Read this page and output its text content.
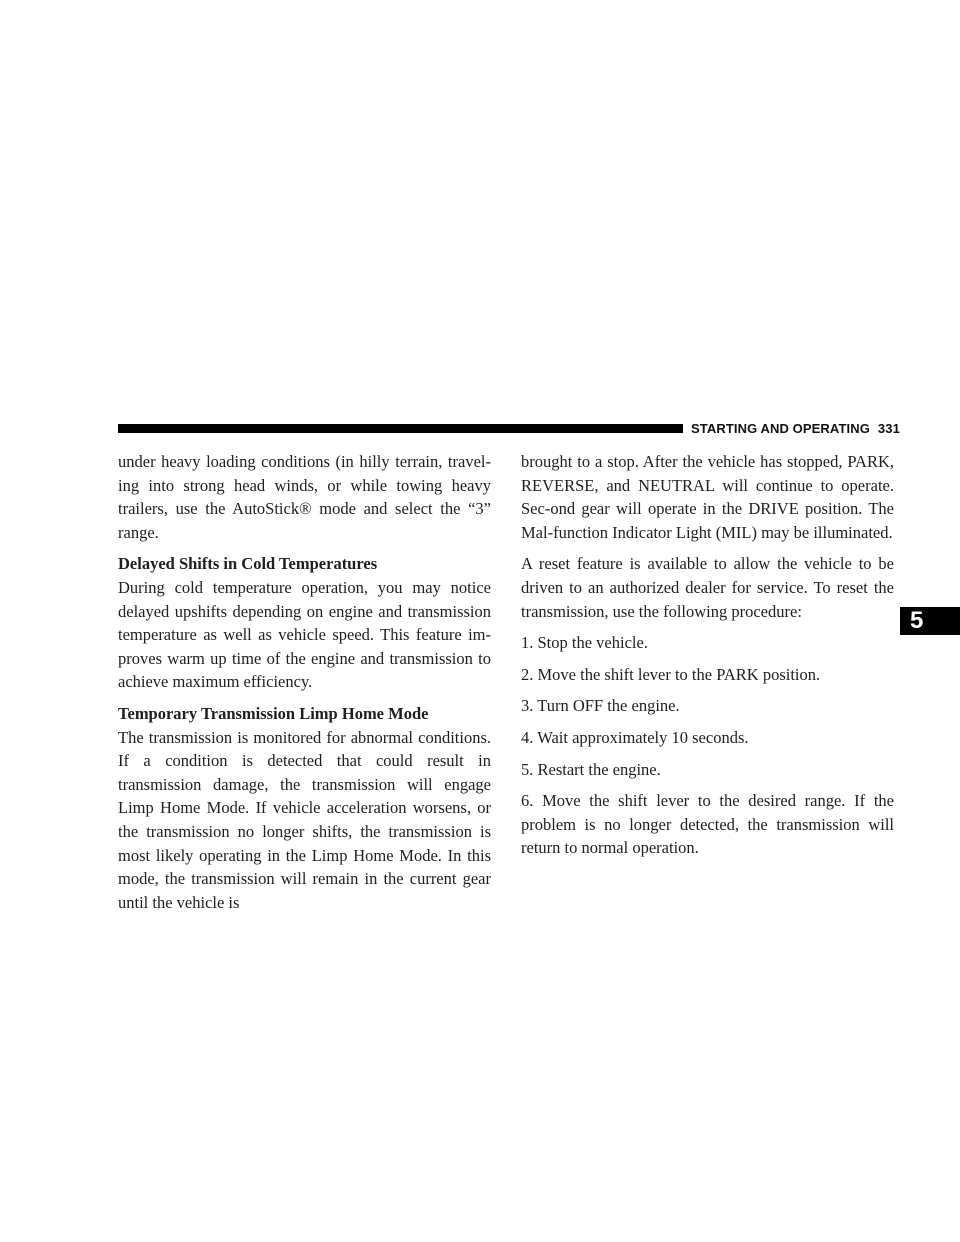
STARTING AND OPERATING 331
5

under heavy loading conditions (in hilly terrain, travel-ing into strong head winds, or while towing heavy trailers, use the AutoStick® mode and select the “3” range.

Delayed Shifts in Cold Temperatures

During cold temperature operation, you may notice delayed upshifts depending on engine and transmission temperature as well as vehicle speed. This feature im-proves warm up time of the engine and transmission to achieve maximum efficiency.

Temporary Transmission Limp Home Mode

The transmission is monitored for abnormal conditions. If a condition is detected that could result in transmission damage, the transmission will engage Limp Home Mode. If vehicle acceleration worsens, or the transmission no longer shifts, the transmission is most likely operating in the Limp Home Mode. In this mode, the transmission will remain in the current gear until the vehicle is

brought to a stop. After the vehicle has stopped, PARK, REVERSE, and NEUTRAL will continue to operate. Sec-ond gear will operate in the DRIVE position. The Mal-function Indicator Light (MIL) may be illuminated.

A reset feature is available to allow the vehicle to be driven to an authorized dealer for service. To reset the transmission, use the following procedure:

1. Stop the vehicle.

2. Move the shift lever to the PARK position.

3. Turn OFF the engine.

4. Wait approximately 10 seconds.

5. Restart the engine.

6. Move the shift lever to the desired range. If the problem is no longer detected, the transmission will return to normal operation.
